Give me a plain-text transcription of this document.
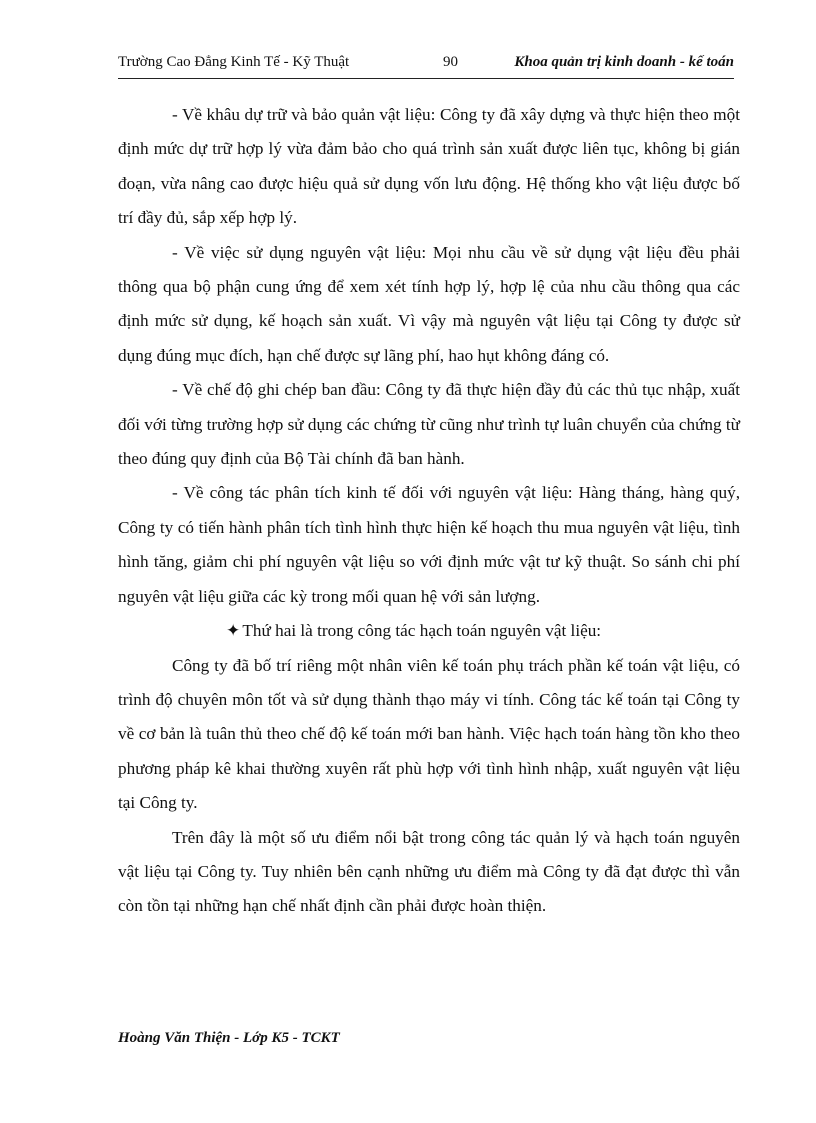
Trường Cao Đẳng Kinh Tế - Kỹ Thuật	90	Khoa quản trị kinh doanh - kế toán

- Về khâu dự trữ và bảo quản vật liệu: Công ty đã xây dựng và thực hiện theo một định mức dự trữ hợp lý vừa đảm bảo cho quá trình sản xuất được liên tục, không bị gián đoạn, vừa nâng cao được hiệu quả sử dụng vốn lưu động. Hệ thống kho vật liệu được bố trí đầy đủ, sắp xếp hợp lý.

- Về việc sử dụng nguyên vật liệu: Mọi nhu cầu về sử dụng vật liệu đều phải thông qua bộ phận cung ứng để xem xét tính hợp lý, hợp lệ của nhu cầu thông qua các định mức sử dụng, kế hoạch sản xuất. Vì vậy mà nguyên vật liệu tại Công ty được sử dụng đúng mục đích, hạn chế được sự lãng phí, hao hụt không đáng có.

- Về chế độ ghi chép ban đầu: Công ty đã thực hiện đầy đủ các thủ tục nhập, xuất đối với từng trường hợp sử dụng các chứng từ cũng như trình tự luân chuyển của chứng từ theo đúng quy định của Bộ Tài chính đã ban hành.

- Về công tác phân tích kinh tế đối với nguyên vật liệu: Hàng tháng, hàng quý, Công ty có tiến hành phân tích tình hình thực hiện kế hoạch thu mua nguyên vật liệu, tình hình tăng, giảm chi phí nguyên vật liệu so với định mức vật tư kỹ thuật. So sánh chi phí nguyên vật liệu giữa các kỳ trong mối quan hệ với sản lượng.

✦ Thứ hai là trong công tác hạch toán nguyên vật liệu:

Công ty đã bố trí riêng một nhân viên kế toán phụ trách phần kế toán vật liệu, có trình độ chuyên môn tốt và sử dụng thành thạo máy vi tính. Công tác kế toán tại Công ty về cơ bản là tuân thủ theo chế độ kế toán mới ban hành. Việc hạch toán hàng tồn kho theo phương pháp kê khai thường xuyên rất phù hợp với tình hình nhập, xuất nguyên vật liệu tại Công ty.

Trên đây là một số ưu điểm nổi bật trong công tác quản lý và hạch toán nguyên vật liệu tại Công ty. Tuy nhiên bên cạnh những ưu điểm mà Công ty đã đạt được thì vẫn còn tồn tại những hạn chế nhất định cần phải được hoàn thiện.

Hoàng Văn Thiện - Lớp K5 - TCKT
